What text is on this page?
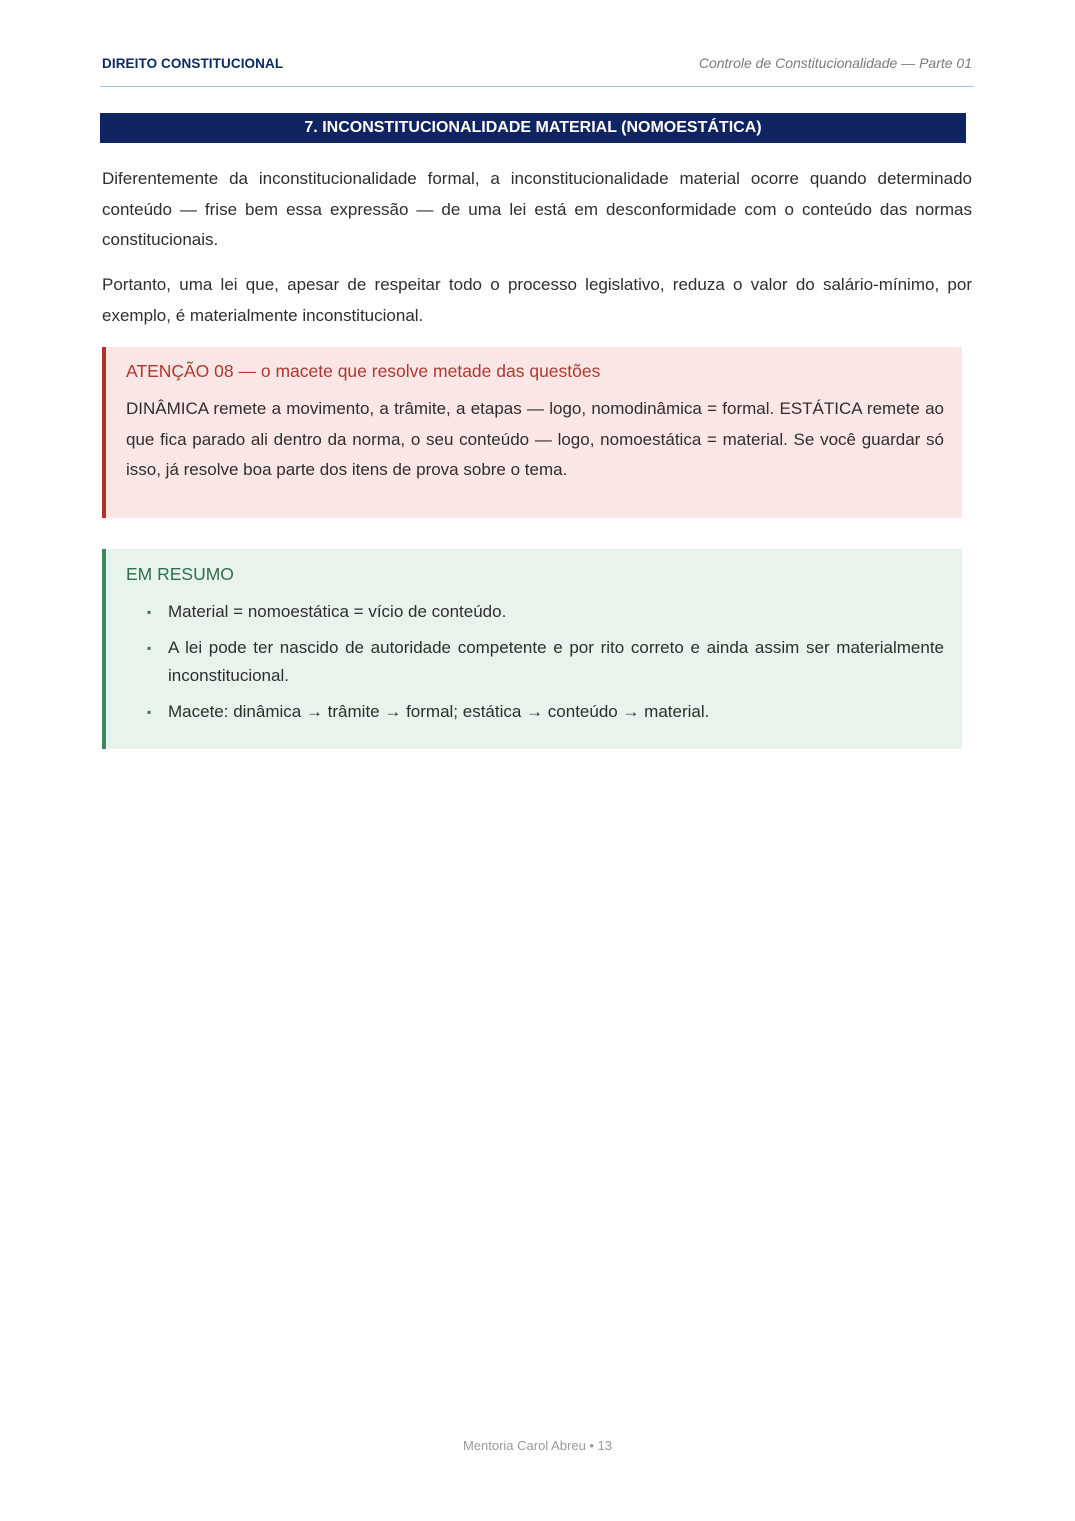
DIREITO CONSTITUCIONAL	Controle de Constitucionalidade — Parte 01
7. INCONSTITUCIONALIDADE MATERIAL (NOMOESTÁTICA)

Diferentemente da inconstitucionalidade formal, a inconstitucionalidade material ocorre quando determinado conteúdo — frise bem essa expressão — de uma lei está em desconformidade com o conteúdo das normas constitucionais.

Portanto, uma lei que, apesar de respeitar todo o processo legislativo, reduza o valor do salário-mínimo, por exemplo, é materialmente inconstitucional.

ATENÇÃO 08 — o macete que resolve metade das questões

DINÂMICA remete a movimento, a trâmite, a etapas — logo, nomodinâmica = formal. ESTÁTICA remete ao que fica parado ali dentro da norma, o seu conteúdo — logo, nomoestática = material. Se você guardar só isso, já resolve boa parte dos itens de prova sobre o tema.

EM RESUMO
▪ Material = nomoestática = vício de conteúdo.
▪ A lei pode ter nascido de autoridade competente e por rito correto e ainda assim ser materialmente inconstitucional.
▪ Macete: dinâmica → trâmite → formal; estática → conteúdo → material.
Mentoria Carol Abreu • 13
